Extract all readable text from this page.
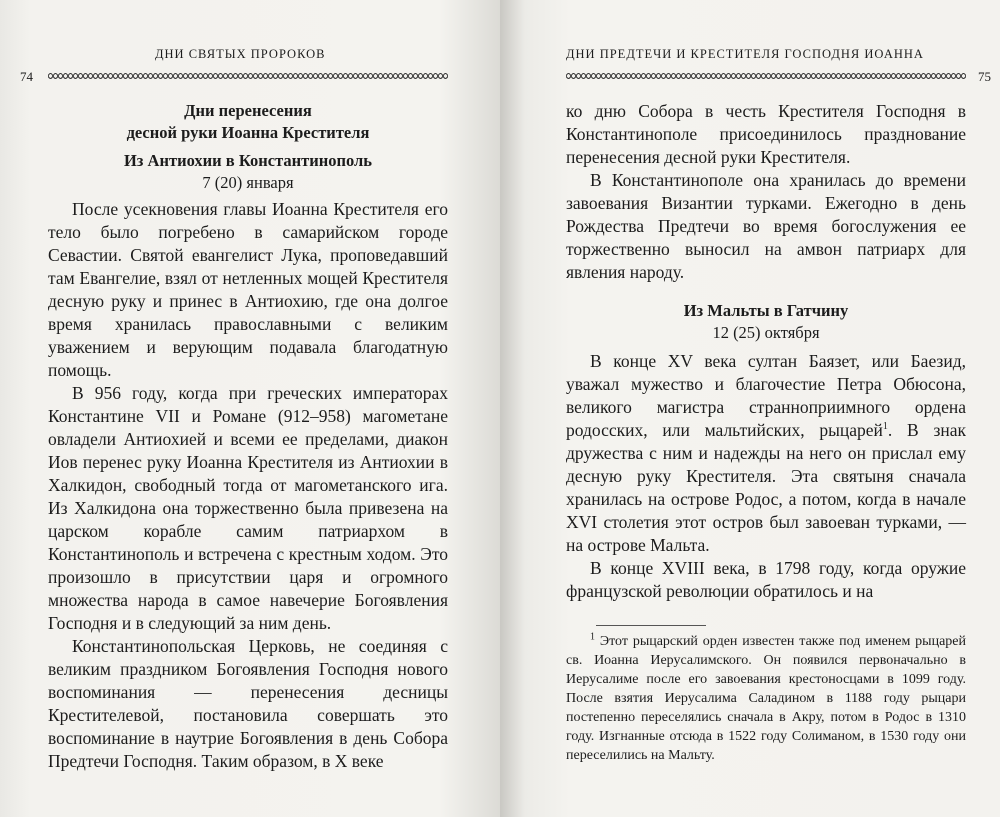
ДНИ СВЯТЫХ ПРОРОКОВ
74
Дни перенесения
десной руки Иоанна Крестителя
Из Антиохии в Константинополь
7 (20) января

После усекновения главы Иоанна Крестителя его тело было погребено в самарийском городе Севастии. Святой евангелист Лука, проповедавший там Евангелие, взял от нетленных мощей Крестителя десную руку и принес в Антиохию, где она долгое время хранилась православными с великим уважением и верующим подавала благодатную помощь.

В 956 году, когда при греческих императорах Константине VII и Романе (912–958) магометане овладели Антиохией и всеми ее пределами, диакон Иов перенес руку Иоанна Крестителя из Антиохии в Халкидон, свободный тогда от магометанского ига. Из Халкидона она торжественно была привезена на царском корабле самим патриархом в Константинополь и встречена с крестным ходом. Это произошло в присутствии царя и огромного множества народа в самое навечерие Богоявления Господня и в следующий за ним день.

Константинопольская Церковь, не соединяя с великим праздником Богоявления Господня нового воспоминания — перенесения десницы Крестителевой, постановила совершать это воспоминание в наутрие Богоявления в день Собора Предтечи Господня. Таким образом, в X веке

ДНИ ПРЕДТЕЧИ И КРЕСТИТЕЛЯ ГОСПОДНЯ ИОАННА
75

ко дню Собора в честь Крестителя Господня в Константинополе присоединилось празднование перенесения десной руки Крестителя.

В Константинополе она хранилась до времени завоевания Византии турками. Ежегодно в день Рождества Предтечи во время богослужения ее торжественно выносил на амвон патриарх для явления народу.

Из Мальты в Гатчину
12 (25) октября

В конце XV века султан Баязет, или Баезид, уважал мужество и благочестие Петра Обюсона, великого магистра странноприимного ордена родосских, или мальтийских, рыцарей$^1$. В знак дружества с ним и надежды на него он прислал ему десную руку Крестителя. Эта святыня сначала хранилась на острове Родос, а потом, когда в начале XVI столетия этот остров был завоеван турками, — на острове Мальта.

В конце XVIII века, в 1798 году, когда оружие французской революции обратилось и на

$^1$ Этот рыцарский орден известен также под именем рыцарей св. Иоанна Иерусалимского. Он появился первоначально в Иерусалиме после его завоевания крестоносцами в 1099 году. После взятия Иерусалима Саладином в 1188 году рыцари постепенно переселялись сначала в Акру, потом в Родос в 1310 году. Изгнанные отсюда в 1522 году Солиманом, в 1530 году они переселились на Мальту.
